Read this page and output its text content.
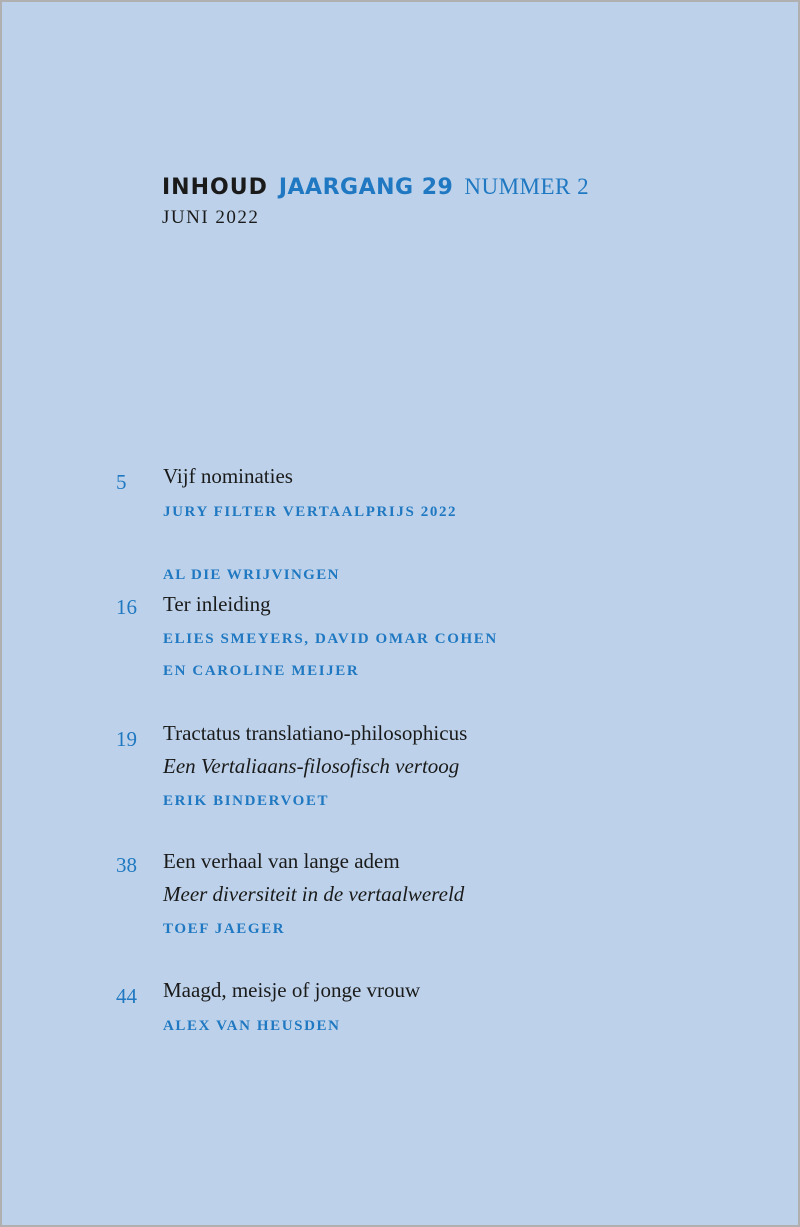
INHOUD JAARGANG 29 NUMMER 2
JUNI 2022
5 Vijf nominaties
JURY FILTER VERTAALPRIJS 2022
AL DIE WRIJVINGEN
16 Ter inleiding
ELIES SMEYERS, DAVID OMAR COHEN
EN CAROLINE MEIJER
19 Tractatus translatiano-philosophicus
Een Vertaliaans-filosofisch vertoog
ERIK BINDERVOET
38 Een verhaal van lange adem
Meer diversiteit in de vertaalwereld
TOEF JAEGER
44 Maagd, meisje of jonge vrouw
ALEX VAN HEUSDEN
